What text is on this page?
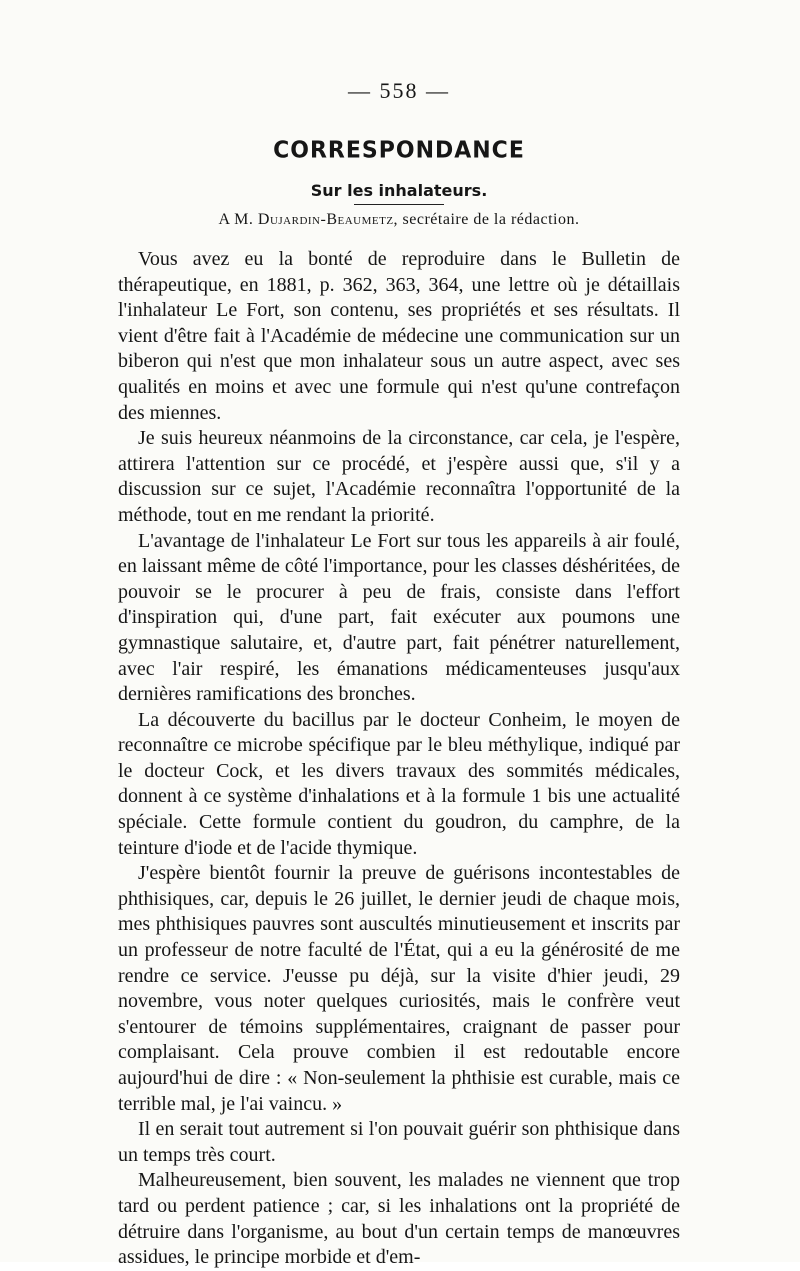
— 558 —
CORRESPONDANCE
Sur les inhalateurs.
A M. Dujardin-Beaumetz, secrétaire de la rédaction.

Vous avez eu la bonté de reproduire dans le Bulletin de thérapeutique, en 1881, p. 362, 363, 364, une lettre où je détaillais l'inhalateur Le Fort, son contenu, ses propriétés et ses résultats. Il vient d'être fait à l'Académie de médecine une communication sur un biberon qui n'est que mon inhalateur sous un autre aspect, avec ses qualités en moins et avec une formule qui n'est qu'une contrefaçon des miennes.

Je suis heureux néanmoins de la circonstance, car cela, je l'espère, attirera l'attention sur ce procédé, et j'espère aussi que, s'il y a discussion sur ce sujet, l'Académie reconnaîtra l'opportunité de la méthode, tout en me rendant la priorité.

L'avantage de l'inhalateur Le Fort sur tous les appareils à air foulé, en laissant même de côté l'importance, pour les classes déshéritées, de pouvoir se le procurer à peu de frais, consiste dans l'effort d'inspiration qui, d'une part, fait exécuter aux poumons une gymnastique salutaire, et, d'autre part, fait pénétrer naturellement, avec l'air respiré, les émanations médicamenteuses jusqu'aux dernières ramifications des bronches.

La découverte du bacillus par le docteur Conheim, le moyen de reconnaître ce microbe spécifique par le bleu méthylique, indiqué par le docteur Cock, et les divers travaux des sommités médicales, donnent à ce système d'inhalations et à la formule 1 bis une actualité spéciale. Cette formule contient du goudron, du camphre, de la teinture d'iode et de l'acide thymique.

J'espère bientôt fournir la preuve de guérisons incontestables de phthisiques, car, depuis le 26 juillet, le dernier jeudi de chaque mois, mes phthisiques pauvres sont auscultés minutieusement et inscrits par un professeur de notre faculté de l'État, qui a eu la générosité de me rendre ce service. J'eusse pu déjà, sur la visite d'hier jeudi, 29 novembre, vous noter quelques curiosités, mais le confrère veut s'entourer de témoins supplémentaires, craignant de passer pour complaisant. Cela prouve combien il est redoutable encore aujourd'hui de dire : « Non-seulement la phthisie est curable, mais ce terrible mal, je l'ai vaincu. »

Il en serait tout autrement si l'on pouvait guérir son phthisique dans un temps très court.

Malheureusement, bien souvent, les malades ne viennent que trop tard ou perdent patience ; car, si les inhalations ont la propriété de détruire dans l'organisme, au bout d'un certain temps de manœuvres assidues, le principe morbide et d'em-
